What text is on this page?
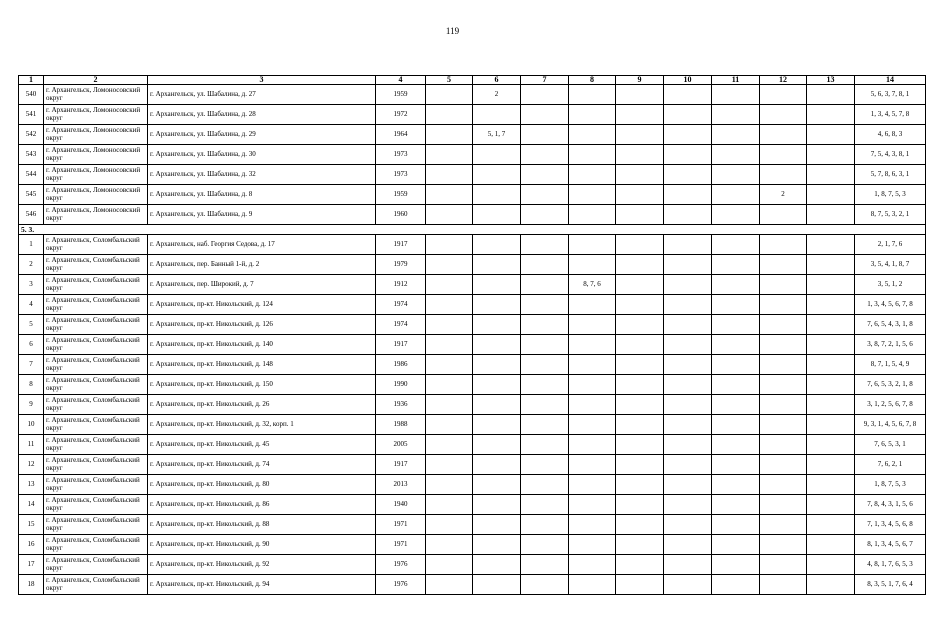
119
1	2	3	4	5	6	7	8	9	10	11	12	13	14
540	г. Архангельск, Ломоносовский округ	г. Архангельск, ул. Шабалина, д. 27	1959		2								5, 6, 3, 7, 8, 1
541	г. Архангельск, Ломоносовский округ	г. Архангельск, ул. Шабалина, д. 28	1972										1, 3, 4, 5, 7, 8
542	г. Архангельск, Ломоносовский округ	г. Архангельск, ул. Шабалина, д. 29	1964		5, 1, 7								4, 6, 8, 3
543	г. Архангельск, Ломоносовский округ	г. Архангельск, ул. Шабалина, д. 30	1973										7, 5, 4, 3, 8, 1
544	г. Архангельск, Ломоносовский округ	г. Архангельск, ул. Шабалина, д. 32	1973										5, 7, 8, 6, 3, 1
545	г. Архангельск, Ломоносовский округ	г. Архангельск, ул. Шабалина, д. 8	1959								2		1, 8, 7, 5, 3
546	г. Архангельск, Ломоносовский округ	г. Архангельск, ул. Шабалина, д. 9	1960										8, 7, 5, 3, 2, 1
5. 3.													
1	г. Архангельск, Соломбальский округ	г. Архангельск, наб. Георгия Седова, д. 17	1917										2, 1, 7, 6
2	г. Архангельск, Соломбальский округ	г. Архангельск, пер. Банный 1-й, д. 2	1979										3, 5, 4, 1, 8, 7
3	г. Архангельск, Соломбальский округ	г. Архангельск, пер. Широкий, д. 7	1912				8, 7, 6						3, 5, 1, 2
4	г. Архангельск, Соломбальский округ	г. Архангельск, пр-кт. Никольский, д. 124	1974										1, 3, 4, 5, 6, 7, 8
5	г. Архангельск, Соломбальский округ	г. Архангельск, пр-кт. Никольский, д. 126	1974										7, 6, 5, 4, 3, 1, 8
6	г. Архангельск, Соломбальский округ	г. Архангельск, пр-кт. Никольский, д. 140	1917										3, 8, 7, 2, 1, 5, 6
7	г. Архангельск, Соломбальский округ	г. Архангельск, пр-кт. Никольский, д. 148	1986										8, 7, 1, 5, 4, 9
8	г. Архангельск, Соломбальский округ	г. Архангельск, пр-кт. Никольский, д. 150	1990										7, 6, 5, 3, 2, 1, 8
9	г. Архангельск, Соломбальский округ	г. Архангельск, пр-кт. Никольский, д. 26	1936										3, 1, 2, 5, 6, 7, 8
10	г. Архангельск, Соломбальский округ	г. Архангельск, пр-кт. Никольский, д. 32, корп. 1	1988										9, 3, 1, 4, 5, 6, 7, 8
11	г. Архангельск, Соломбальский округ	г. Архангельск, пр-кт. Никольский, д. 45	2005										7, 6, 5, 3, 1
12	г. Архангельск, Соломбальский округ	г. Архангельск, пр-кт. Никольский, д. 74	1917										7, 6, 2, 1
13	г. Архангельск, Соломбальский округ	г. Архангельск, пр-кт. Никольский, д. 80	2013										1, 8, 7, 5, 3
14	г. Архангельск, Соломбальский округ	г. Архангельск, пр-кт. Никольский, д. 86	1940										7, 8, 4, 3, 1, 5, 6
15	г. Архангельск, Соломбальский округ	г. Архангельск, пр-кт. Никольский, д. 88	1971										7, 1, 3, 4, 5, 6, 8
16	г. Архангельск, Соломбальский округ	г. Архангельск, пр-кт. Никольский, д. 90	1971										8, 1, 3, 4, 5, 6, 7
17	г. Архангельск, Соломбальский округ	г. Архангельск, пр-кт. Никольский, д. 92	1976										4, 8, 1, 7, 6, 5, 3
18	г. Архангельск, Соломбальский округ	г. Архангельск, пр-кт. Никольский, д. 94	1976										8, 3, 5, 1, 7, 6, 4
